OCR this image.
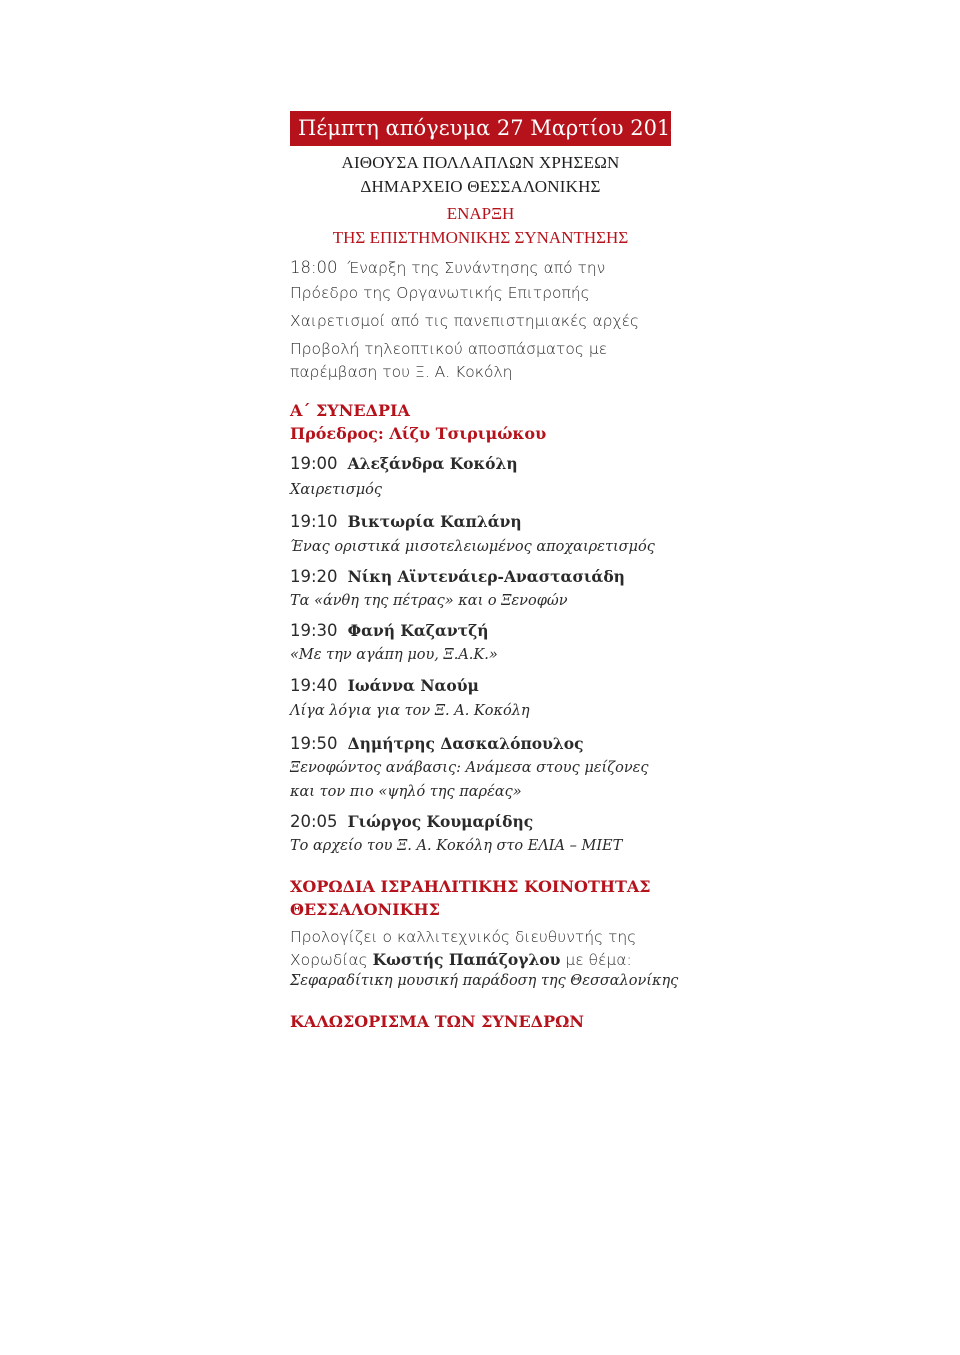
Πέμπτη απόγευμα 27 Μαρτίου 2014
ΑΙΘΟΥΣΑ ΠΟΛΛΑΠΛΩΝ ΧΡΗΣΕΩΝ
ΔΗΜΑΡΧΕΙΟ ΘΕΣΣΑΛΟΝΙΚΗΣ
ΕΝΑΡΞΗ
ΤΗΣ ΕΠΙΣΤΗΜΟΝΙΚΗΣ ΣΥΝΑΝΤΗΣΗΣ
18:00 Έναρξη της Συνάντησης από την
Πρόεδρο της Οργανωτικής Επιτροπής
Χαιρετισμοί από τις πανεπιστημιακές αρχές
Προβολή τηλεοπτικού αποσπάσματος με
παρέμβαση του Ξ. Α. Κοκόλη
Α΄ ΣΥΝΕΔΡΙΑ
Πρόεδρος: Λίζυ Τσιριμώκου
19:00 Αλεξάνδρα Κοκόλη
Χαιρετισμός
19:10 Βικτωρία Καπλάνη
Ένας οριστικά μισοτελειωμένος αποχαιρετισμός
19:20 Νίκη Αϊντενάιερ-Αναστασιάδη
Τα «άνθη της πέτρας» και ο Ξενοφών
19:30 Φανή Καζαντζή
«Με την αγάπη μου, Ξ.Α.Κ.»
19:40 Ιωάννα Ναούμ
Λίγα λόγια για τον Ξ. Α. Κοκόλη
19:50 Δημήτρης Δασκαλόπουλος
Ξενοφώντος ανάβασις: Ανάμεσα στους μείζονες
και τον πιο «ψηλό της παρέας»
20:05 Γιώργος Κουμαρίδης
Το αρχείο του Ξ. Α. Κοκόλη στο ΕΛΙΑ – ΜΙΕΤ
ΧΟΡΩΔΙΑ ΙΣΡΑΗΛΙΤΙΚΗΣ ΚΟΙΝΟΤΗΤΑΣ
ΘΕΣΣΑΛΟΝΙΚΗΣ
Προλογίζει ο καλλιτεχνικός διευθυντής της
Χορωδίας Κωστής Παπάζογλου με θέμα:
Σεφαραδίτικη μουσική παράδοση της Θεσσαλονίκης
ΚΑΛΩΣΟΡΙΣΜΑ ΤΩΝ ΣΥΝΕΔΡΩΝ
